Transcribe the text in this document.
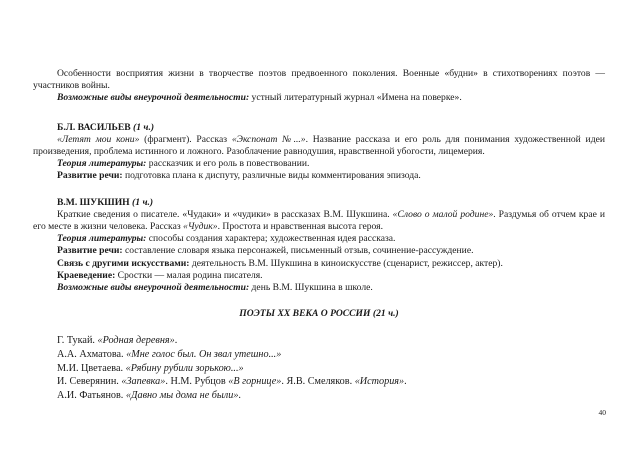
Особенности восприятия жизни в творчестве поэтов предвоенного поколения. Военные «будни» в стихотворениях поэтов — участников войны.

Возможные виды внеурочной деятельности: устный литературный журнал «Имена на поверке».

Б.Л. ВАСИЛЬЕВ (1 ч.)

«Летят мои кони» (фрагмент). Рассказ «Экспонат №...». Название рассказа и его роль для понимания художественной идеи произведения, проблема истинного и ложного. Разоблачение равнодушия, нравственной убогости, лицемерия.

Теория литературы: рассказчик и его роль в повествовании.

Развитие речи: подготовка плана к диспуту, различные виды комментирования эпизода.

В.М. ШУКШИН (1 ч.)

Краткие сведения о писателе. «Чудаки» и «чудики» в рассказах В.М. Шукшина. «Слово о малой родине». Раздумья об отчем крае и его месте в жизни человека. Рассказ «Чудик». Простота и нравственная высота героя.

Теория литературы: способы создания характера; художественная идея рассказа.

Развитие речи: составление словаря языка персонажей, письменный отзыв, сочинение-рассуждение.

Связь с другими искусствами: деятельность В.М. Шукшина в киноискусстве (сценарист, режиссер, актер).

Краеведение: Сростки — малая родина писателя.

Возможные виды внеурочной деятельности: день В.М. Шукшина в школе.

ПОЭТЫ XX ВЕКА О РОССИИ (21 ч.)

Г. Тукай. «Родная деревня».

А.А. Ахматова. «Мне голос был. Он звал утешно...»

М.И. Цветаева. «Рябину рубили зорькою...»

И. Северянин. «Запевка». Н.М. Рубцов «В горнице». Я.В. Смеляков. «История».

А.И. Фатьянов. «Давно мы дома не были».

40
